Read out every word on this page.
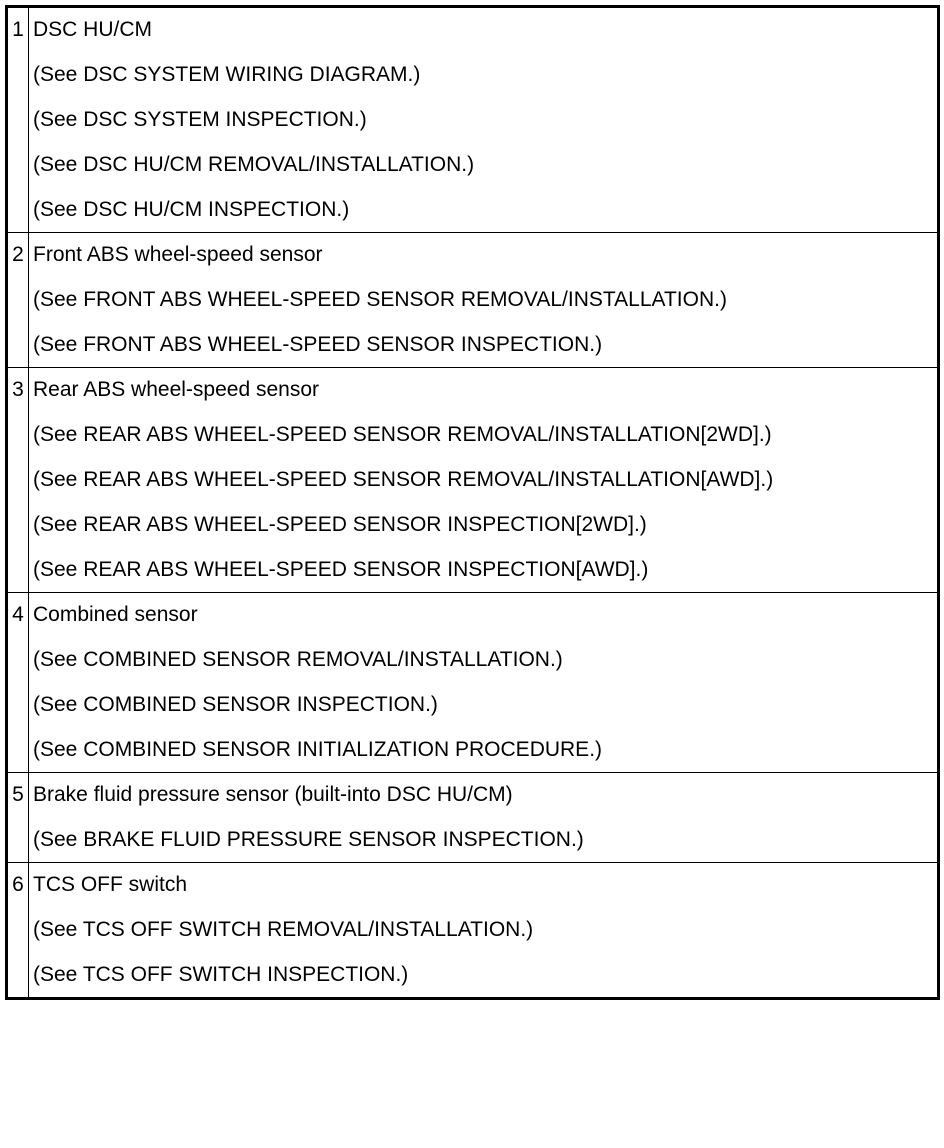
1	DSC HU/CM
(See DSC SYSTEM WIRING DIAGRAM.)
(See DSC SYSTEM INSPECTION.)
(See DSC HU/CM REMOVAL/INSTALLATION.)
(See DSC HU/CM INSPECTION.)

2	Front ABS wheel-speed sensor
(See FRONT ABS WHEEL-SPEED SENSOR REMOVAL/INSTALLATION.)
(See FRONT ABS WHEEL-SPEED SENSOR INSPECTION.)

3	Rear ABS wheel-speed sensor
(See REAR ABS WHEEL-SPEED SENSOR REMOVAL/INSTALLATION[2WD].)
(See REAR ABS WHEEL-SPEED SENSOR REMOVAL/INSTALLATION[AWD].)
(See REAR ABS WHEEL-SPEED SENSOR INSPECTION[2WD].)
(See REAR ABS WHEEL-SPEED SENSOR INSPECTION[AWD].)

4	Combined sensor
(See COMBINED SENSOR REMOVAL/INSTALLATION.)
(See COMBINED SENSOR INSPECTION.)
(See COMBINED SENSOR INITIALIZATION PROCEDURE.)

5	Brake fluid pressure sensor (built-into DSC HU/CM)
(See BRAKE FLUID PRESSURE SENSOR INSPECTION.)

6	TCS OFF switch
(See TCS OFF SWITCH REMOVAL/INSTALLATION.)
(See TCS OFF SWITCH INSPECTION.)
